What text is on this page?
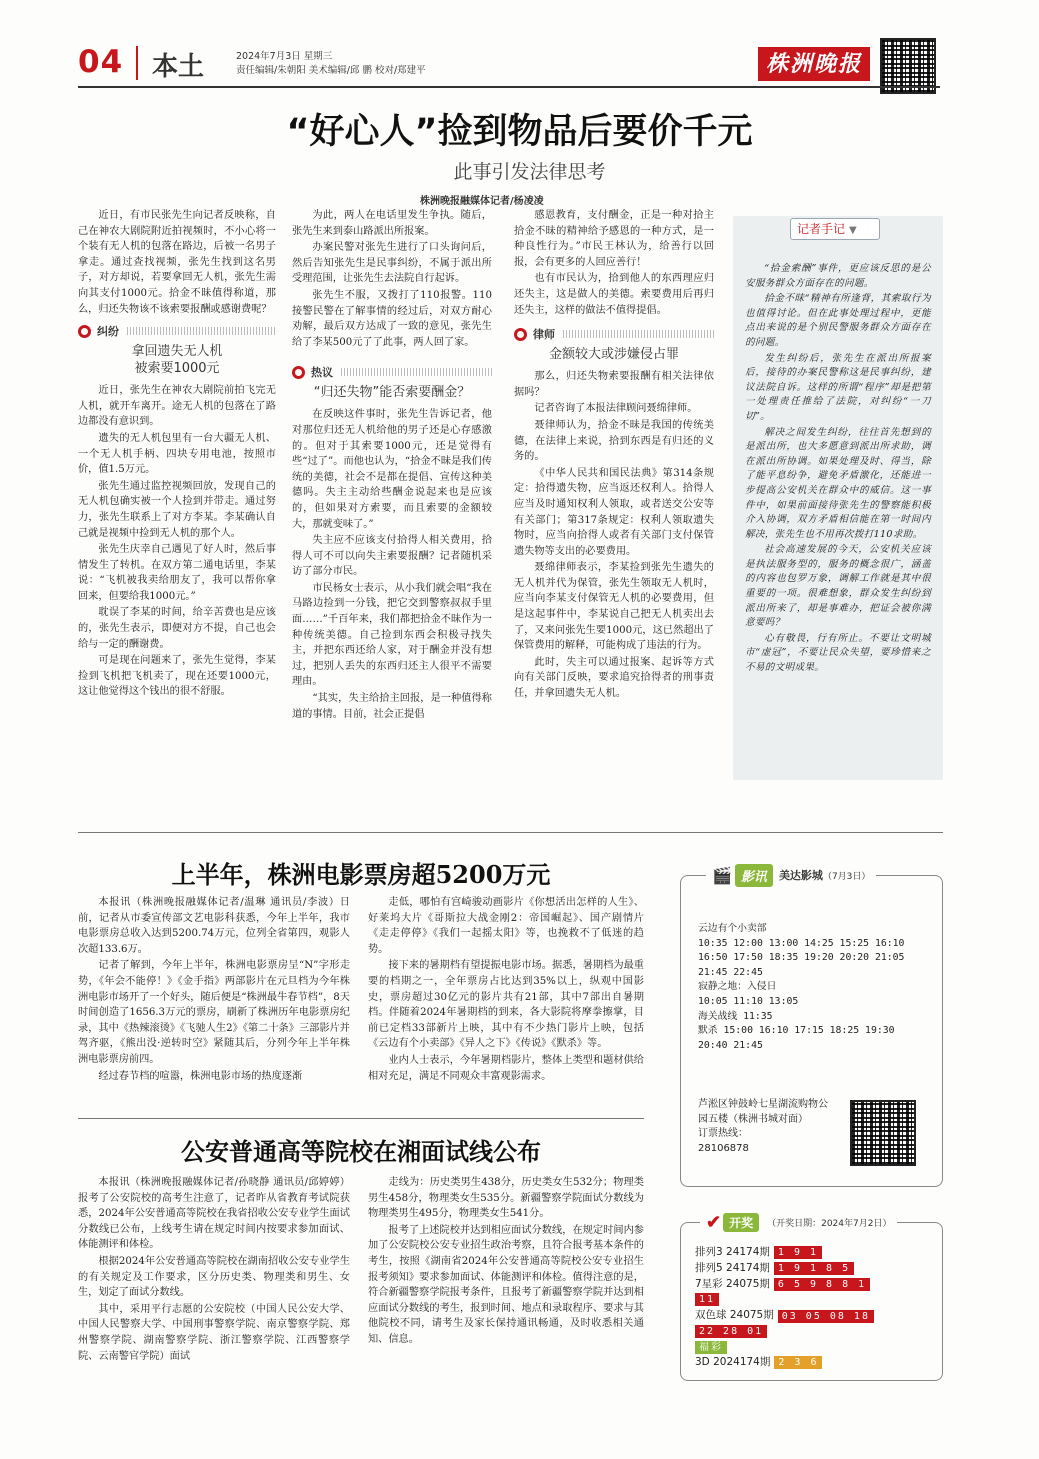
04 本土	2024年7月3日 星期三
责任编辑/朱朝阳 美术编辑/邱 鹏 校对/郑建平	株洲晚报
“好心人”捡到物品后要价千元
此事引发法律思考
株洲晚报融媒体记者/杨凌凌

近日，有市民张先生向记者反映称，自己在神农大剧院附近拍视频时，不小心将一个装有无人机的包落在路边，后被一名男子拿走。通过查找视频，张先生找到这名男子，对方却说，若要拿回无人机，张先生需向其支付1000元。拾金不昧值得称道，那么，归还失物该不该索要报酬或感谢费呢？

纠纷
拿回遗失无人机
被索要1000元

近日，张先生在神农大剧院前拍飞完无人机，就开车离开。途无人机的包落在了路边都没有意识到。

遗失的无人机包里有一台大疆无人机、一个无人机手柄、四块专用电池，按照市价，值1.5万元。

张先生通过监控视频回放，发现自己的无人机包确实被一个人捡到并带走。通过努力，张先生联系上了对方李某。李某确认自己就是视频中捡到无人机的那个人。

张先生庆幸自己遇见了好人时，然后事情发生了转机。在双方第二通电话里，李某说：“飞机被我卖给朋友了，我可以帮你拿回来，但要给我1000元。”

耽误了李某的时间，给辛苦费也是应该的，张先生表示，即便对方不提，自己也会给与一定的酬谢费。

可是现在问题来了，张先生觉得，李某捡到飞机把飞机卖了，现在还要1000元，这让他觉得这个钱出的很不舒服。

为此，两人在电话里发生争执。随后，张先生来到泰山路派出所报案。

办案民警对张先生进行了口头询问后，然后告知张先生是民事纠纷，不属于派出所受理范围，让张先生去法院自行起诉。

张先生不服，又拨打了110报警。110接警民警在了解事情的经过后，对双方耐心劝解，最后双方达成了一致的意见，张先生给了李某500元了了此事，两人回了家。

热议
“归还失物”能否索要酬金？

在反映这件事时，张先生告诉记者，他对那位归还无人机给他的男子还是心存感激的。但对于其索要1000元，还是觉得有些“过了”。而他也认为，“拾金不昧是我们传统的美德，社会不是都在提倡、宣传这种美德吗。失主主动给些酬金说起来也是应该的，但如果对方索要，而且索要的金额较大，那就变味了。”

失主应不应该支付拾得人相关费用，拾得人可不可以向失主索要报酬？记者随机采访了部分市民。

市民杨女士表示，从小我们就会唱“我在马路边捡到一分钱，把它交到警察叔叔手里面……”千百年来，我们都把拾金不昧作为一种传统美德。自己捡到东西会积极寻找失主，并把东西还给人家，对于酬金并没有想过，把别人丢失的东西归还主人很平不需要理由。

“其实，失主给拾主回报，是一种值得称道的事情。目前，社会正提倡

感恩教育，支付酬金，正是一种对拾主拾金不昧的精神给予感恩的一种方式，是一种良性行为。”市民王林认为，给善行以回报，会有更多的人回应善行！

也有市民认为，拾到他人的东西理应归还失主，这是做人的美德。索要费用后再归还失主，这样的做法不值得提倡。

律师
金额较大或涉嫌侵占罪

那么，归还失物索要报酬有相关法律依据吗？

记者咨询了本报法律顾问聂绵律师。

聂律师认为，拾金不昧是我国的传统美德，在法律上来说，拾到东西是有归还的义务的。

《中华人民共和国民法典》第314条规定：拾得遗失物，应当返还权利人。拾得人应当及时通知权利人领取，或者送交公安等有关部门；第317条规定：权利人领取遗失物时，应当向拾得人或者有关部门支付保管遗失物等支出的必要费用。

聂绵律师表示，李某捡到张先生遗失的无人机并代为保管，张先生领取无人机时，应当向李某支付保管无人机的必要费用，但是这起事件中，李某说自己把无人机卖出去了，又来问张先生要1000元，这已然超出了保管费用的解释，可能构成了违法的行为。

此时，失主可以通过报案、起诉等方式向有关部门反映，要求追究拾得者的刑事责任，并拿回遗失无人机。

记者手记 ▼

“拾金索酬”事件，更应该反思的是公安服务群众方面存在的问题。

拾金不昧“精神有所逢背，其索取行为也值得讨论。但在此事处理过程中，更能点出来说的是个别民警服务群众方面存在的问题。

发生纠纷后，张先生在派出所报案后，接待的办案民警称这是民事纠纷，建议法院自诉。这样的所谓“程序”却是把第一处理责任推给了法院，对纠纷“一刀切”。

解决之间发生纠纷，往往首先想到的是派出所，也大多愿意到派出所求助，调在派出所协调。如果处理及时、得当，除了能平息纷争，避免矛盾激化，还能进一步提高公安机关在群众中的威信。这一事件中，如果前面接待张先生的警察能积极介入协调，双方矛盾相信能在第一时间内解决，张先生也不用再次拨打110求助。

社会高速发展的今天，公安机关应该是执法服务型的，服务的概念很广，涵盖的内容也包罗万象，调解工作就是其中很重要的一项。很难想象，群众发生纠纷到派出所来了，却是事难办，把证会被你满意要吗？

心有敬畏，行有所止。不要让文明城市“虚冠”，不要让民众失望，要珍惜来之不易的文明成果。

上半年，株洲电影票房超5200万元

本报讯（株洲晚报融媒体记者/温琳 通讯员/李波）日前，记者从市委宣传部文艺电影科获悉，今年上半年，我市电影票房总收入达到5200.74万元，位列全省第四，观影人次超133.6万。

记者了解到，今年上半年，株洲电影票房呈“N”字形走势，《年会不能停！》《金手指》两部影片在元旦档为今年株洲电影市场开了一个好头，随后便是“株洲最牛春节档”，8天时间创造了1656.3万元的票房，刷新了株洲历年电影票房纪录，其中《热辣滚烫》《飞驰人生2》《第二十条》三部影片并驾齐驱，《熊出没·逆转时空》紧随其后，分列今年上半年株洲电影票房前四。

经过春节档的喧嚣，株洲电影市场的热度逐渐

走低，哪怕有宫崎骏动画影片《你想活出怎样的人生》、好莱坞大片《哥斯拉大战金刚2：帝国崛起》、国产剧情片《走走停停》《我们一起摇太阳》等，也挽救不了低迷的趋势。

接下来的暑期档有望提振电影市场。据悉，暑期档为最重要的档期之一，全年票房占比达到35%以上，纵观中国影史，票房超过30亿元的影片共有21部，其中7部出自暑期档。伴随着2024年暑期档的到来，各大影院将摩拳擦掌，目前已定档33部新片上映，其中有不少热门影片上映，包括《云边有个小卖部》《异人之下》《传说》《默杀》等。

业内人士表示，今年暑期档影片，整体上类型和题材供给相对充足，满足不同观众丰富观影需求。

公安普通高等院校在湘面试线公布

本报讯（株洲晚报融媒体记者/孙晓静 通讯员/邱婷婷）报考了公安院校的高考生注意了，记者昨从省教育考试院获悉，2024年公安普通高等院校在我省招收公安专业学生面试分数线已公布，上线考生请在规定时间内按要求参加面试、体能测评和体检。

根据2024年公安普通高等院校在湖南招收公安专业学生的有关规定及工作要求，区分历史类、物理类和男生、女生，划定了面试分数线。

其中，采用平行志愿的公安院校（中国人民公安大学、中国人民警察大学、中国刑事警察学院、南京警察学院、郑州警察学院、湖南警察学院、浙江警察学院、江西警察学院、云南警官学院）面试

走线为：历史类男生438分，历史类女生532分；物理类男生458分，物理类女生535分。新疆警察学院面试分数线为物理类男生495分，物理类女生541分。

报考了上述院校并达到相应面试分数线，在规定时间内参加了公安院校公安专业招生政治考察，且符合报考基本条件的考生，按照《湖南省2024年公安普通高等院校公安专业招生报考须知》要求参加面试、体能测评和体检。值得注意的是，符合新疆警察学院报考条件，且报考了新疆警察学院并达到相应面试分数线的考生，报到时间、地点和录取程序、要求与其他院校不同，请考生及家长保持通讯畅通，及时收悉相关通知、信息。

🎬 影讯	美达影城 （7月3日）
云边有个小卖部
10:35 12:00 13:00 14:25 15:25 16:10
16:50 17:50 18:35 19:20 20:20 21:05
21:45 22:45
寂静之地：入侵日
10:05 11:10 13:05
海关战线 11:35
默杀 15:00 16:10 17:15 18:25 19:30
20:40 21:45
芦淞区钟鼓岭七星湖流购物公园五楼（株洲书城对面）
订票热线：
28106878
✔ 开奖	（开奖日期：2024年7月2日）
排列3 24174期 1 9 1
排列5 24174期 1 9 1 8 5
7星彩 24075期 6 5 9 8 8 1
11
双色球 24075期 03 05 08 18
22 28 01
福彩
3D 2024174期 2 3 6
